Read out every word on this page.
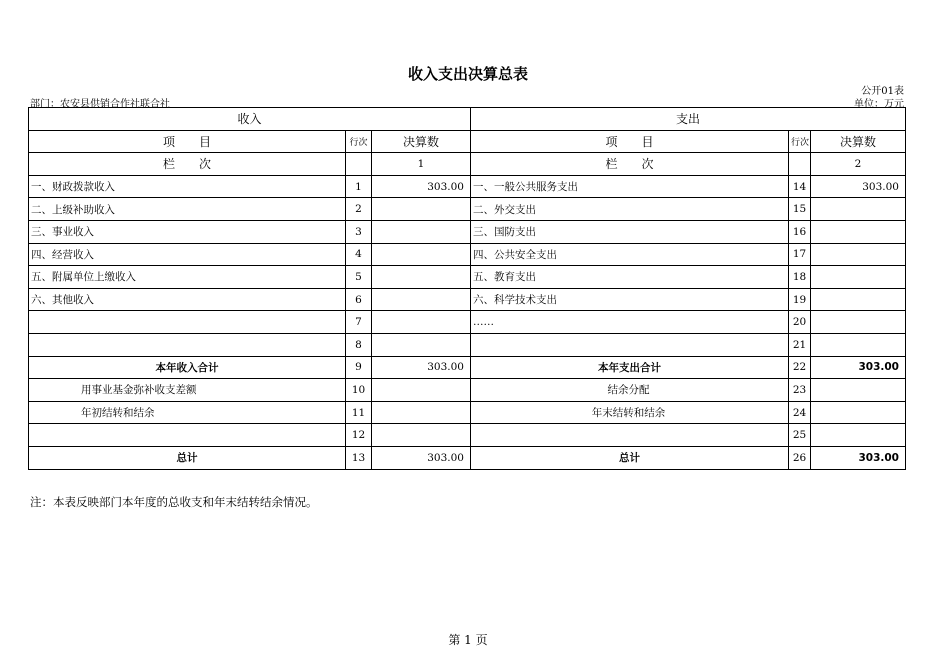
收入支出决算总表
公开01表
部门：农安县供销合作社联合社	单位：万元
收入			支出		
项　　目	行次	决算数	项　　目	行次	决算数
栏　　次		1	栏　　次		2
一、财政拨款收入	1	303.00	一、一般公共服务支出	14	303.00
二、上级补助收入	2		二、外交支出	15	
三、事业收入	3		三、国防支出	16	
四、经营收入	4		四、公共安全支出	17	
五、附属单位上缴收入	5		五、教育支出	18	
六、其他收入	6		六、科学技术支出	19	
	7		……	20	
	8			21	
本年收入合计	9	303.00	本年支出合计	22	303.00
用事业基金弥补收支差额	10		结余分配	23	
年初结转和结余	11		年末结转和结余	24	
	12			25	
总计	13	303.00	总计	26	303.00
注：本表反映部门本年度的总收支和年末结转结余情况。
第 1 页
